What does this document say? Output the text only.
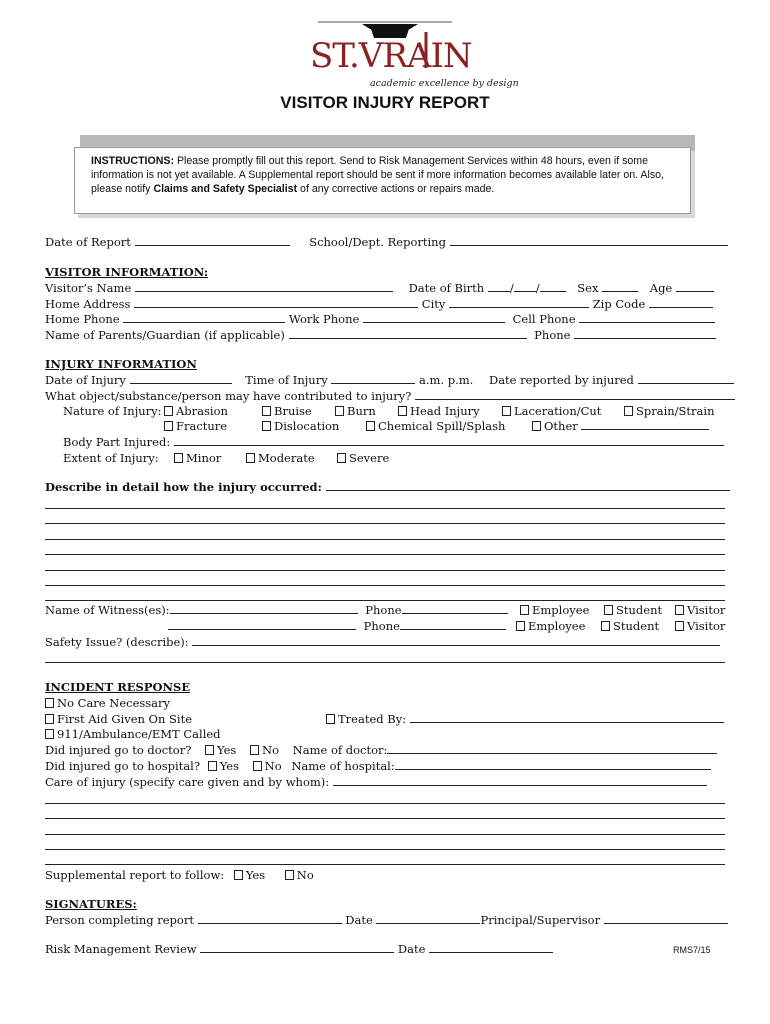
ST.VRAIN
academic excellence by design
VISITOR INJURY REPORT
INSTRUCTIONS: Please promptly fill out this report. Send to Risk Management Services within 48 hours, even if some information is not yet available. A Supplemental report should be sent if more information becomes available later on. Also, please notify Claims and Safety Specialist of any corrective actions or repairs made.
Date of Report	School/Dept. Reporting
VISITOR INFORMATION:
Visitor’s Name	Date of Birth / /	Sex	Age
Home Address	City	Zip Code
Home Phone	Work Phone	Cell Phone
Name of Parents/Guardian (if applicable)	Phone
INJURY INFORMATION
Date of Injury	Time of Injury	a.m. p.m. Date reported by injured
What object/substance/person may have contributed to injury?
Nature of Injury:	Abrasion	Bruise	Burn	Head Injury	Laceration/Cut	Sprain/Strain
Fracture	Dislocation	Chemical Spill/Splash	Other
Body Part Injured:
Extent of Injury:	Minor	Moderate	Severe
Describe in detail how the injury occurred:
Name of Witness(es):	Phone	Employee	Student	Visitor
Phone	Employee	Student	Visitor
Safety Issue? (describe):
INCIDENT RESPONSE
No Care Necessary
First Aid Given On Site	Treated By:
911/Ambulance/EMT Called
Did injured go to doctor? Yes No Name of doctor:
Did injured go to hospital? Yes No Name of hospital:
Care of injury (specify care given and by whom):
Supplemental report to follow: Yes	No
SIGNATURES:
Person completing report	Date	Principal/Supervisor
Risk Management Review	Date	RMS7/15
